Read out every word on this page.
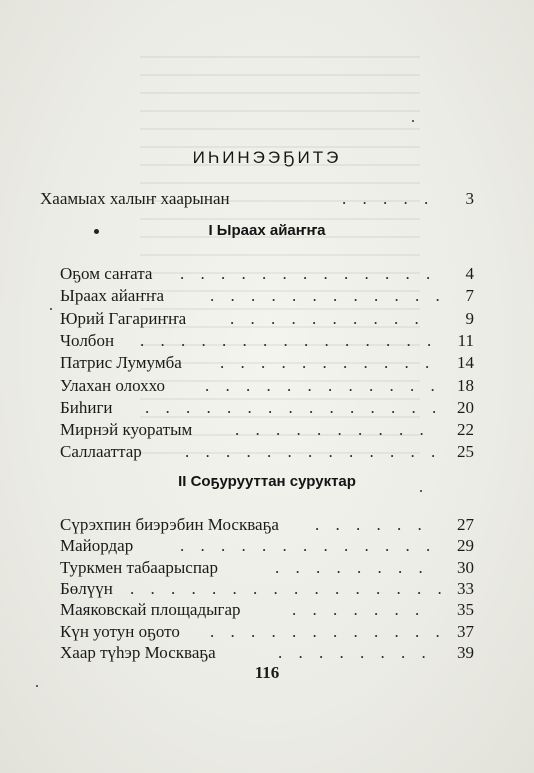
ИҺИНЭЭҔИТЭ
Хаамыах халыҥ хаарынан	. . . . .	3
I Ыраах айаҥҥа
Оҕом саҥата . . . . . . . . . . . . .	4
Ыраах айаҥҥа	. . . . . . . . . . . .	7
Юрий Гагариҥҥа	. . . . . . . . . .	9
Чолбон . . . . . . . . . . . . . . .	11
Патрис Лумумба . . . . . . . . . . .	14
Улахан олоххо . . . . . . . . . . . . 18
Биһиги . . . . . . . . . . . . . . . 20
Мирнэй куоратым	. . . . . . . . . .	22
Саллааттар	. . . . . . . . . . . . . 25
II Соҕурууттан суруктар
Сүрэхпин биэрэбин Москваҕа . . . . . .	27
Майордар	. . . . . . . . . . . . .	29
Туркмен табаарыспар	. . . . . . . .	30
Бөлүүн . . . . . . . . . . . . . . . . 33
Маяковскай площадыгар	. . . . . . .	35
Күн уотун оҕото . . . . . . . . . . . . 37
Хаар түһэр Москваҕа	. . . . . . . .	39
116
